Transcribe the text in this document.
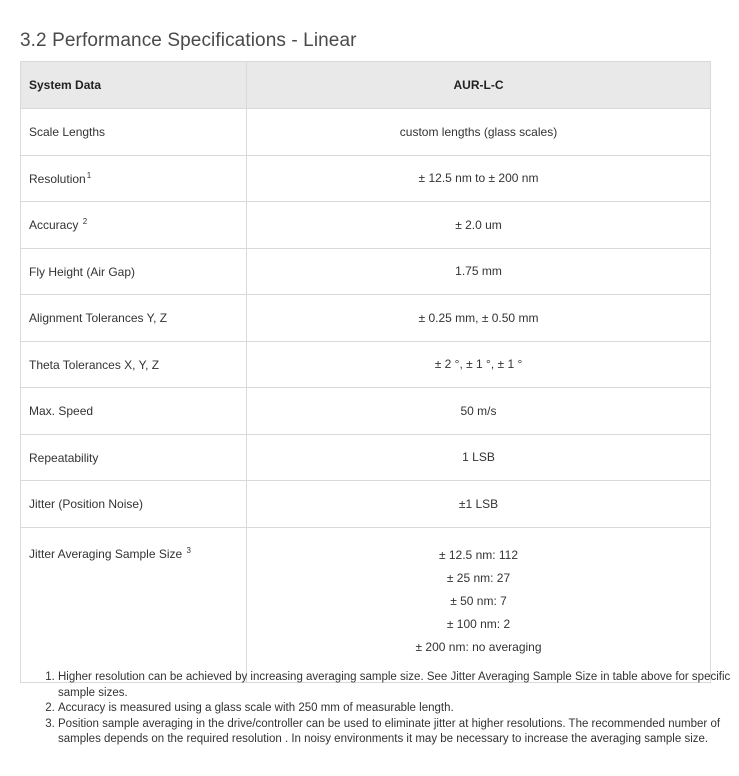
3.2 Performance Specifications - Linear
System Data	AUR-L-C
Scale Lengths	custom lengths (glass scales)
Resolution$^1$	± 12.5 nm to ± 200 nm
Accuracy $^2$	± 2.0 um
Fly Height (Air Gap)	1.75 mm
Alignment Tolerances Y, Z	± 0.25 mm, ± 0.50 mm
Theta Tolerances X, Y, Z	± 2 °, ± 1 °, ± 1 °
Max. Speed	50 m/s
Repeatability	1 LSB
Jitter (Position Noise)	±1 LSB
Jitter Averaging Sample Size $^3$	± 12.5 nm: 112
± 25 nm: 27
± 50 nm: 7
± 100 nm: 2
± 200 nm: no averaging
1. Higher resolution can be achieved by increasing averaging sample size. See Jitter Averaging Sample Size in table above for specific sample sizes.
2. Accuracy is measured using a glass scale with 250 mm of measurable length.
3. Position sample averaging in the drive/controller can be used to eliminate jitter at higher resolutions. The recommended number of samples depends on the required resolution . In noisy environments it may be necessary to increase the averaging sample size.
